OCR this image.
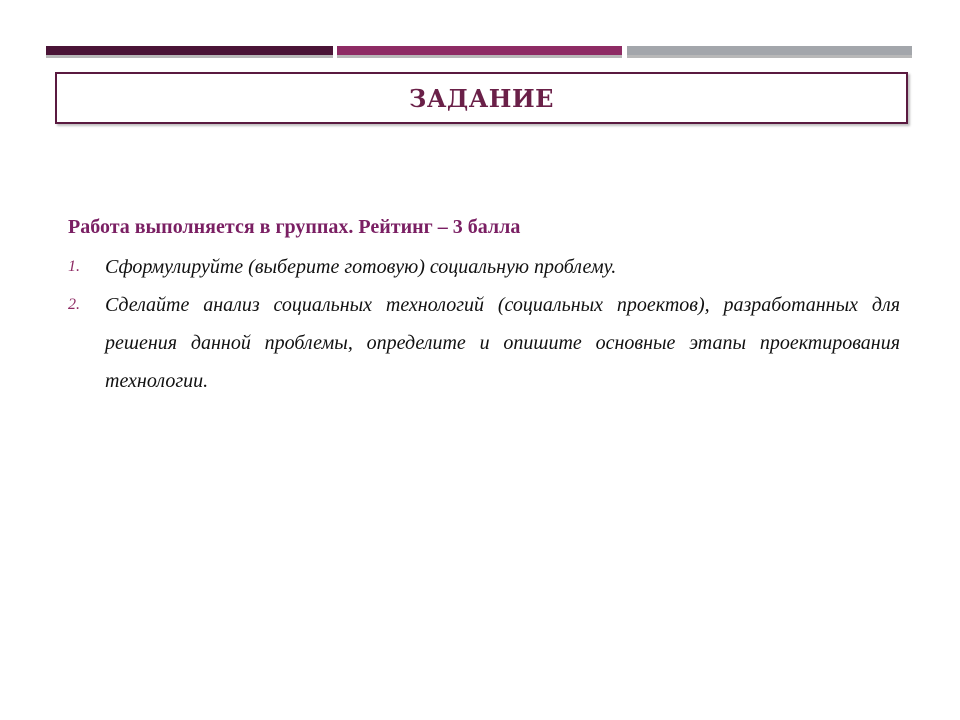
ЗАДАНИЕ
Работа выполняется в группах. Рейтинг – 3 балла
1. Сформулируйте (выберите готовую) социальную проблему.
2. Сделайте анализ социальных технологий (социальных проектов), разработанных для решения данной проблемы, определите и опишите основные этапы проектирования технологии.
